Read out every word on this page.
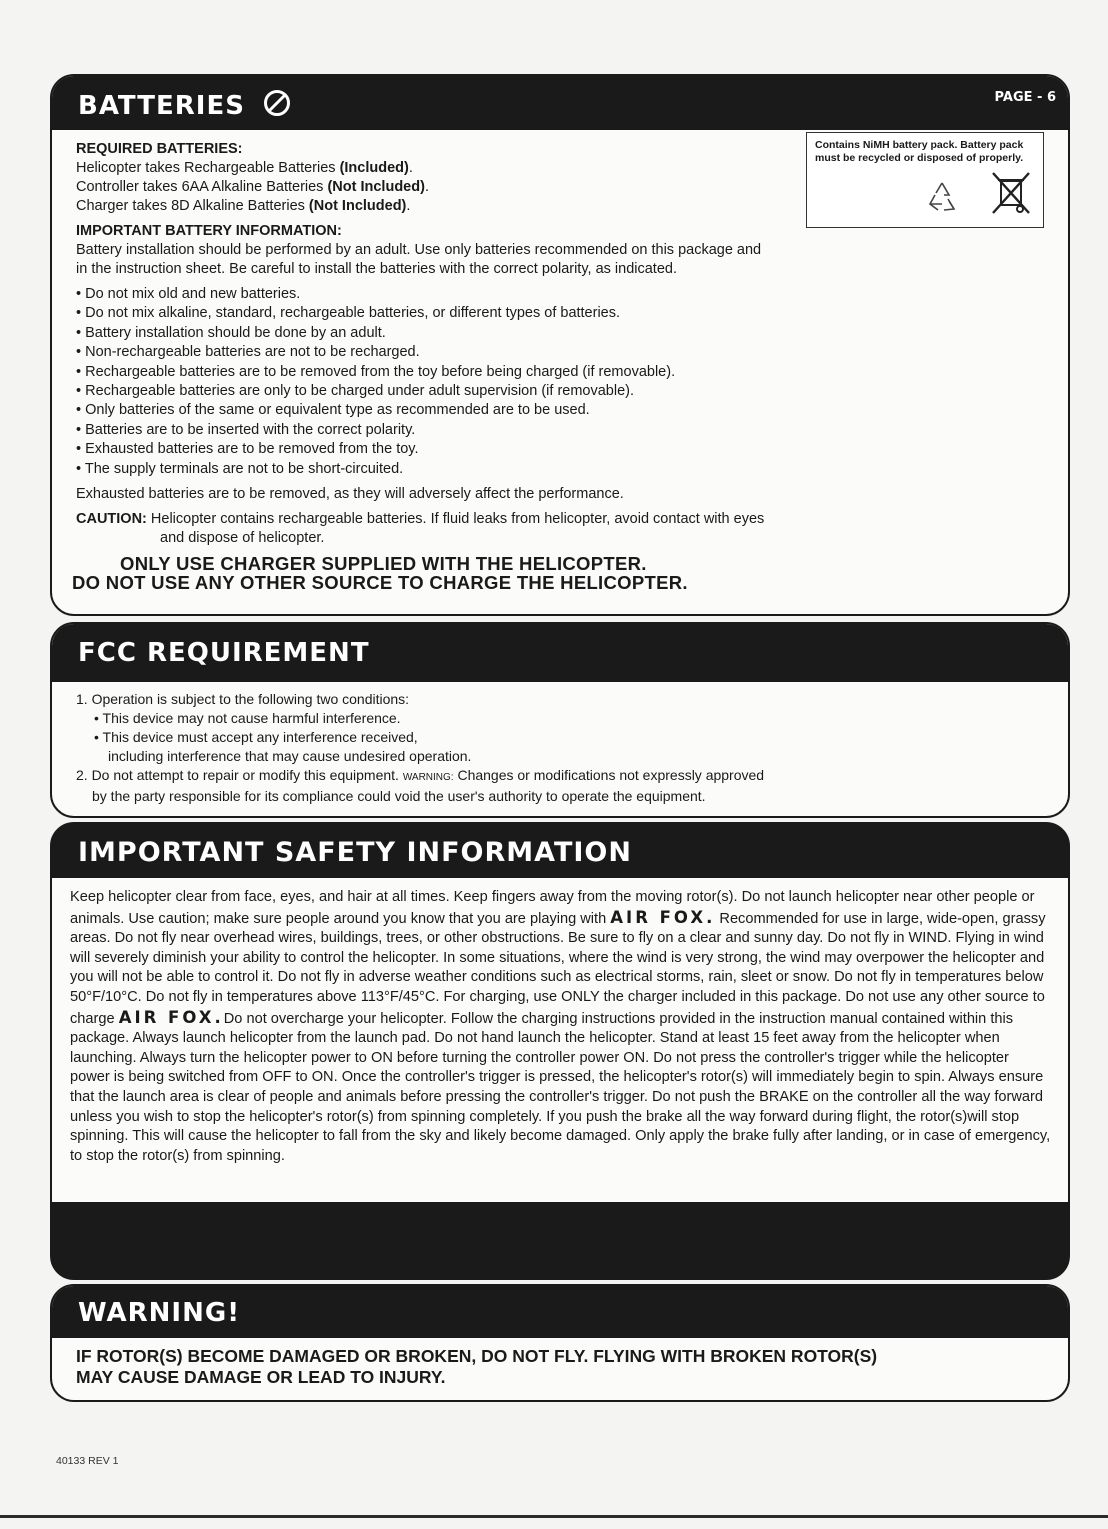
BATTERIES	PAGE - 6
Contains NiMH battery pack. Battery pack must be recycled or disposed of properly.

REQUIRED BATTERIES:
Helicopter takes Rechargeable Batteries (Included).
Controller takes 6AA Alkaline Batteries (Not Included).
Charger takes 8D Alkaline Batteries (Not Included).
IMPORTANT BATTERY INFORMATION:
Battery installation should be performed by an adult. Use only batteries recommended on this package and
in the instruction sheet. Be careful to install the batteries with the correct polarity, as indicated.
• Do not mix old and new batteries.
• Do not mix alkaline, standard, rechargeable batteries, or different types of batteries.
• Battery installation should be done by an adult.
• Non-rechargeable batteries are not to be recharged.
• Rechargeable batteries are to be removed from the toy before being charged (if removable).
• Rechargeable batteries are only to be charged under adult supervision (if removable).
• Only batteries of the same or equivalent type as recommended are to be used.
• Batteries are to be inserted with the correct polarity.
• Exhausted batteries are to be removed from the toy.
• The supply terminals are not to be short-circuited.
Exhausted batteries are to be removed, as they will adversely affect the performance.
CAUTION: Helicopter contains rechargeable batteries. If fluid leaks from helicopter, avoid contact with eyes
and dispose of helicopter.
ONLY USE CHARGER SUPPLIED WITH THE HELICOPTER.
DO NOT USE ANY OTHER SOURCE TO CHARGE THE HELICOPTER.
FCC REQUIREMENT
1. Operation is subject to the following two conditions:
• This device may not cause harmful interference.
• This device must accept any interference received,
including interference that may cause undesired operation.
2. Do not attempt to repair or modify this equipment. WARNING: Changes or modifications not expressly approved
by the party responsible for its compliance could void the user's authority to operate the equipment.
IMPORTANT SAFETY INFORMATION
Keep helicopter clear from face, eyes, and hair at all times. Keep fingers away from the moving rotor(s). Do not launch helicopter near other people or animals. Use caution; make sure people around you know that you are playing with AIR FOX. Recommended for use in large, wide-open, grassy areas. Do not fly near overhead wires, buildings, trees, or other obstructions. Be sure to fly on a clear and sunny day. Do not fly in WIND. Flying in wind will severely diminish your ability to control the helicopter. In some situations, where the wind is very strong, the wind may overpower the helicopter and you will not be able to control it. Do not fly in adverse weather conditions such as electrical storms, rain, sleet or snow. Do not fly in temperatures below 50°F/10°C. Do not fly in temperatures above 113°F/45°C. For charging, use ONLY the charger included in this package. Do not use any other source to charge AIR FOX.Do not overcharge your helicopter. Follow the charging instructions provided in the instruction manual contained within this package. Always launch helicopter from the launch pad. Do not hand launch the helicopter. Stand at least 15 feet away from the helicopter when launching. Always turn the helicopter power to ON before turning the controller power ON. Do not press the controller's trigger while the helicopter power is being switched from OFF to ON. Once the controller's trigger is pressed, the helicopter's rotor(s) will immediately begin to spin. Always ensure that the launch area is clear of people and animals before pressing the controller's trigger. Do not push the BRAKE on the controller all the way forward unless you wish to stop the helicopter's rotor(s) from spinning completely. If you push the brake all the way forward during flight, the rotor(s)will stop spinning. This will cause the helicopter to fall from the sky and likely become damaged. Only apply the brake fully after landing, or in case of emergency, to stop the rotor(s) from spinning.
WARNING!
IF ROTOR(S) BECOME DAMAGED OR BROKEN, DO NOT FLY. FLYING WITH BROKEN ROTOR(S)
MAY CAUSE DAMAGE OR LEAD TO INJURY.
40133 REV 1
